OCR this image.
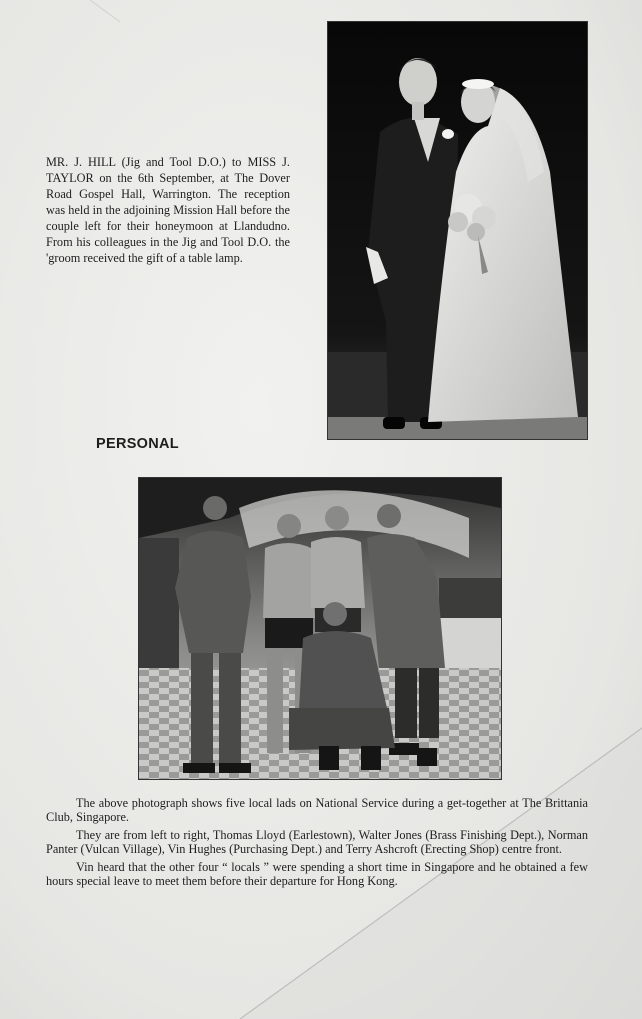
MR. J. HILL (Jig and Tool D.O.) to MISS J. TAYLOR on the 6th September, at The Dover Road Gospel Hall, Warrington. The reception was held in the adjoining Mission Hall before the couple left for their honeymoon at Llandudno. From his colleagues in the Jig and Tool D.O. the 'groom received the gift of a table lamp.

PERSONAL

The above photograph shows five local lads on National Service during a get-together at The Brittania Club, Singapore.

They are from left to right, Thomas Lloyd (Earlestown), Walter Jones (Brass Finishing Dept.), Norman Panter (Vulcan Village), Vin Hughes (Purchasing Dept.) and Terry Ashcroft (Erecting Shop) centre front.

Vin heard that the other four “ locals ” were spending a short time in Singapore and he obtained a few hours special leave to meet them before their departure for Hong Kong.
